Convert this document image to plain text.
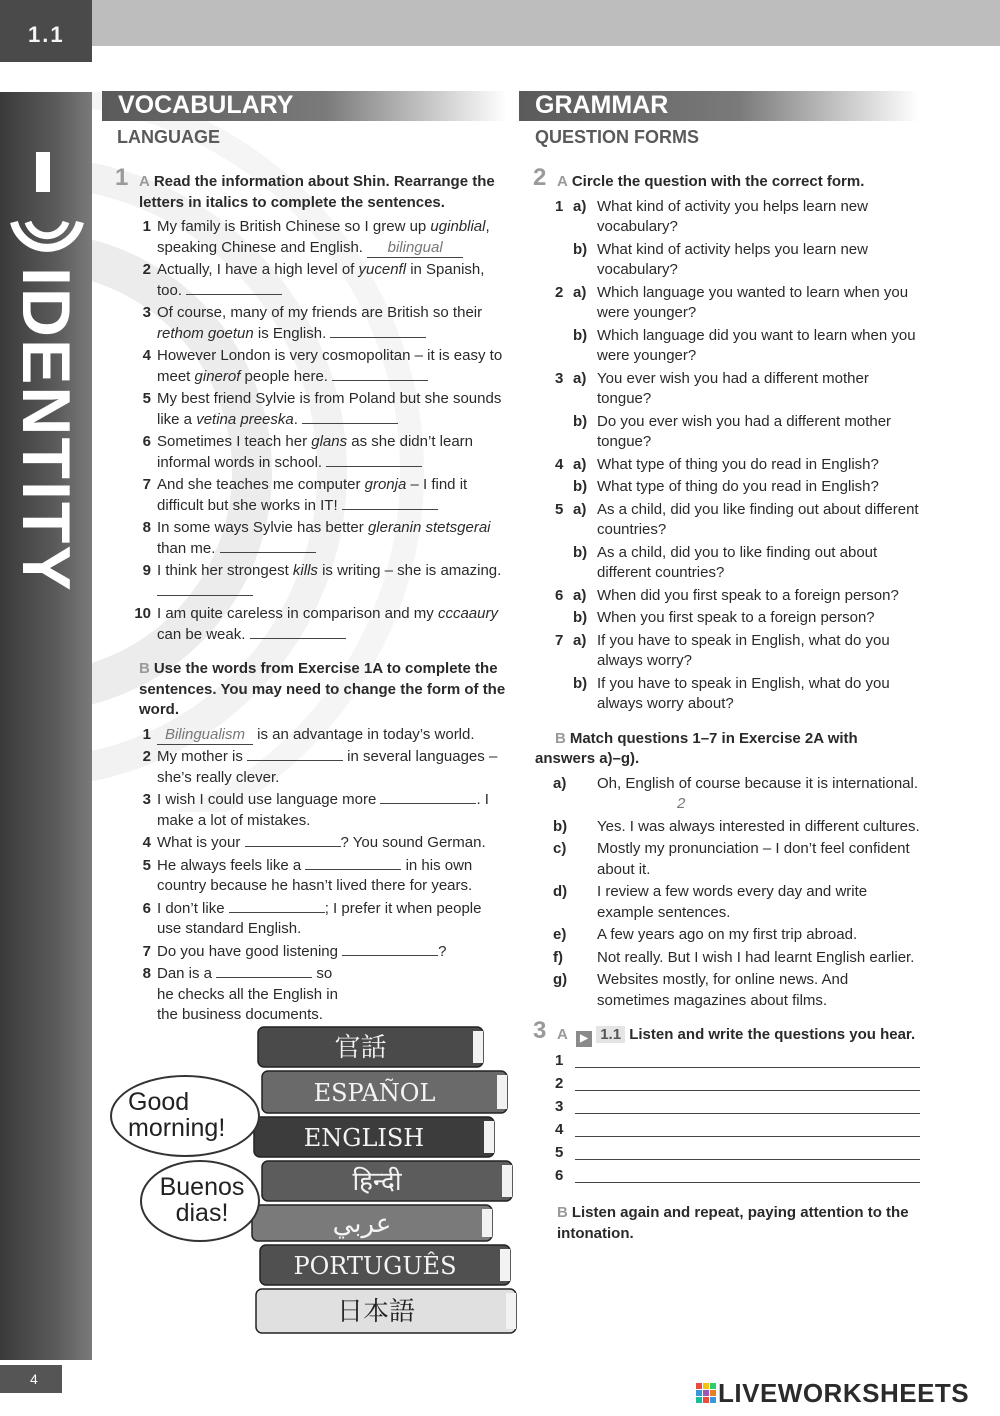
1.1
IDENTITY
VOCABULARY
LANGUAGE
GRAMMAR
QUESTION FORMS
1 A Read the information about Shin. Rearrange the letters in italics to complete the sentences.
1 My family is British Chinese so I grew up uginblial, speaking Chinese and English. bilingual
2 Actually, I have a high level of yucenfl in Spanish, too.
3 Of course, many of my friends are British so their rethom goetun is English.
4 However London is very cosmopolitan – it is easy to meet ginerof people here.
5 My best friend Sylvie is from Poland but she sounds like a vetina preeska.
6 Sometimes I teach her glans as she didn’t learn informal words in school.
7 And she teaches me computer gronja – I find it difficult but she works in IT!
8 In some ways Sylvie has better gleranin stetsgerai than me.
9 I think her strongest kills is writing – she is amazing.
10 I am quite careless in comparison and my cccaaury can be weak.
B Use the words from Exercise 1A to complete the sentences. You may need to change the form of the word.
1 Bilingualism is an advantage in today’s world.
2 My mother is	in several languages – she’s really clever.
3 I wish I could use language more	. I make a lot of mistakes.
4 What is your	? You sound German.
5 He always feels like a	in his own country because he hasn’t lived there for years.
6 I don’t like	; I prefer it when people use standard English.
7 Do you have good listening	?
8 Dan is a	so he checks all the English in the business documents.
2 A Circle the question with the correct form.
1 a) What kind of activity you helps learn new vocabulary?
b) What kind of activity helps you learn new vocabulary?
2 a) Which language you wanted to learn when you were younger?
b) Which language did you want to learn when you were younger?
3 a) You ever wish you had a different mother tongue?
b) Do you ever wish you had a different mother tongue?
4 a) What type of thing you do read in English?
b) What type of thing do you read in English?
5 a) As a child, did you like finding out about different countries?
b) As a child, did you to like finding out about different countries?
6 a) When did you first speak to a foreign person?
b) When you first speak to a foreign person?
7 a) If you have to speak in English, what do you always worry?
b) If you have to speak in English, what do you always worry about?
B Match questions 1–7 in Exercise 2A with answers a)–g).
a) Oh, English of course because it is international.2
b) Yes. I was always interested in different cultures.
c) Mostly my pronunciation – I don’t feel confident about it.
d) I review a few words every day and write example sentences.
e) A few years ago on my first trip abroad.
f) Not really. But I wish I had learnt English earlier.
g) Websites mostly, for online news. And sometimes magazines about films.
3 A ▶ 1.1 Listen and write the questions you hear.
1
2
3
4
5
6
B Listen again and repeat, paying attention to the intonation.
官話
ESPAÑOL
ENGLISH
हिन्दी
عربي
PORTUGUÊS
日本語
Good morning!
Buenos dias!
4	LIVEWORKSHEETS
